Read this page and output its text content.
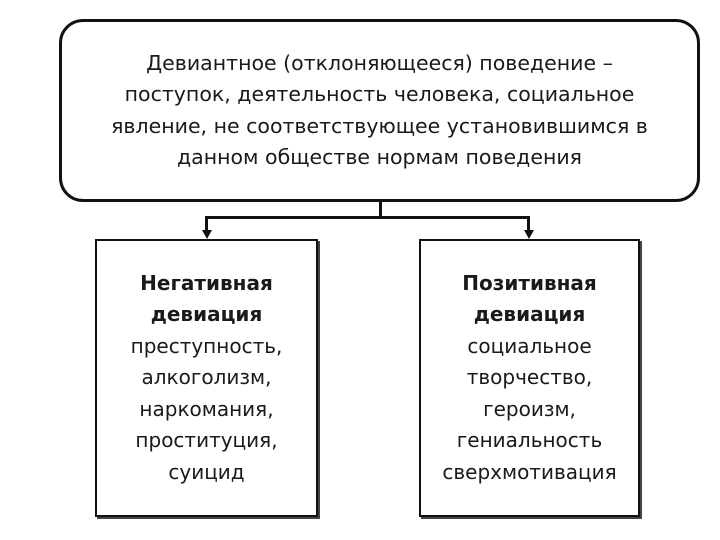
Девиантное (отклоняющееся) поведение –
поступок, деятельность человека, социальное
явление, не соответствующее установившимся в
данном обществе нормам поведения
Негативная
девиация
преступность,
алкоголизм,
наркомания,
проституция,
суицид
Позитивная
девиация
социальное
творчество,
героизм,
гениальность
сверхмотивация
